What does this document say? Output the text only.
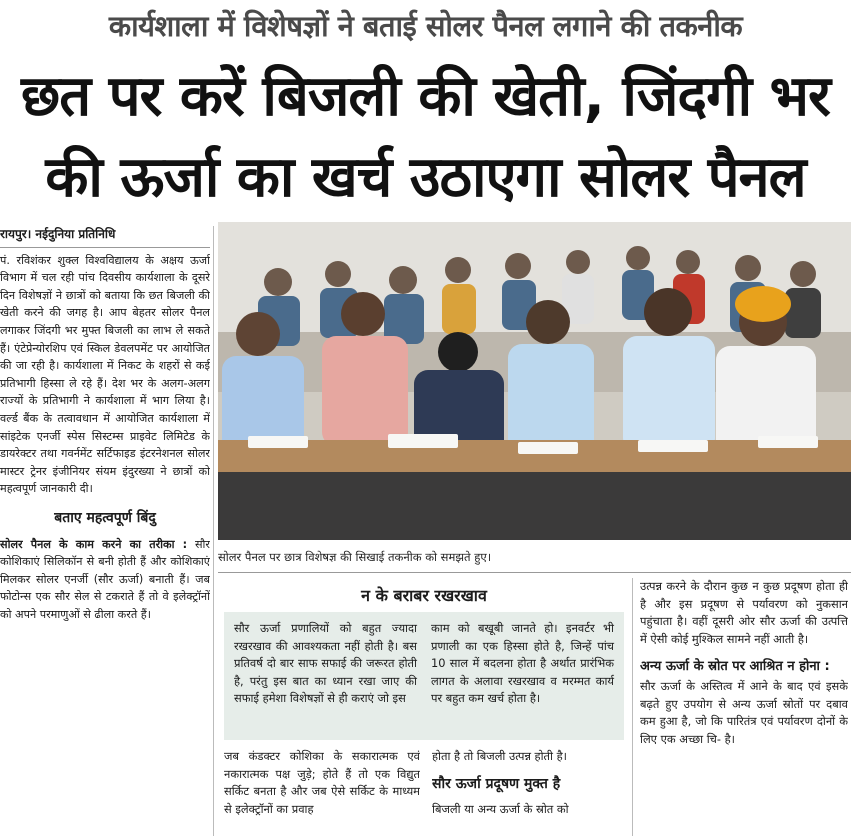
कार्यशाला में विशेषज्ञों ने बताई सोलर पैनल लगाने की तकनीक
छत पर करें बिजली की खेती, जिंदगी भर
की ऊर्जा का खर्च उठाएगा सोलर पैनल
रायपुर। नईदुनिया प्रतिनिधि

पं. रविशंकर शुक्ल विश्वविद्यालय के अक्षय ऊर्जा विभाग में चल रही पांच दिवसीय कार्यशाला के दूसरे दिन विशेषज्ञों ने छात्रों को बताया कि छत बिजली की खेती करने की जगह है। आप बेहतर सोलर पैनल लगाकर जिंदगी भर मुफ्त बिजली का लाभ ले सकते हैं। एंटेप्रेन्योरशिप एवं स्किल डेवलपमेंट पर आयोजित की जा रही है। कार्यशाला में निकट के शहरों से कई प्रतिभागी हिस्सा ले रहे हैं। देश भर के अलग-अलग राज्यों के प्रतिभागी ने कार्यशाला में भाग लिया है। वर्ल्ड बैंक के तत्वावधान में आयोजित कार्यशाला में सांइटेक एनर्जी स्पेस सिस्टम्स प्राइवेट लिमिटेड के डायरेक्टर तथा गवर्नमेंट सर्टिफाइड इंटरनेशनल सोलर मास्टर ट्रेनर इंजीनियर संयम इंदुरख्या ने छात्रों को महत्वपूर्ण जानकारी दी।

बताए महत्वपूर्ण बिंदु

सोलर पैनल के काम करने का तरीका : सौर कोशिकाएं सिलिकॉन से बनी होती हैं और कोशिकाएं मिलकर सोलर एनर्जी (सौर ऊर्जा) बनाती हैं। जब फोटोन्स एक सौर सेल से टकराते हैं तो वे इलेक्ट्रॉनों को अपने परमाणुओं से ढीला करते हैं।

सोलर पैनल पर छात्र विशेषज्ञ की सिखाई तकनीक को समझते हुए।
न के बराबर रखरखाव

सौर ऊर्जा प्रणालियों को बहुत ज्यादा रखरखाव की आवश्यकता नहीं होती है। बस प्रतिवर्ष दो बार साफ सफाई की जरूरत होती है, परंतु इस बात का ध्यान रखा जाए की सफाई हमेशा विशेषज्ञों से ही कराएं जो इस

काम को बखूबी जानते हो। इनवर्टर भी प्रणाली का एक हिस्सा होते है, जिन्हें पांच 10 साल में बदलना होता है अर्थात प्रारंभिक लागत के अलावा रखरखाव व मरम्मत कार्य पर बहुत कम खर्च होता है।

जब कंडक्टर कोशिका के सकारात्मक एवं नकारात्मक पक्ष जुड़े; होते हैं तो एक विद्युत सर्किट बनता है और जब ऐसे सर्किट के माध्यम से इलेक्ट्रॉनों का प्रवाह

होता है तो बिजली उत्पन्न होती है।

सौर ऊर्जा प्रदूषण मुक्त है

बिजली या अन्य ऊर्जा के स्रोत को

उत्पन्न करने के दौरान कुछ न कुछ प्रदूषण होता ही है और इस प्रदूषण से पर्यावरण को नुकसान पहुंचाता है। वहीं दूसरी ओर सौर ऊर्जा की उत्पत्ति में ऐसी कोई मुश्किल सामने नहीं आती है।

अन्य ऊर्जा के स्रोत पर आश्रित न होना :

सौर ऊर्जा के अस्तित्व में आने के बाद एवं इसके बढ़ते हुए उपयोग से अन्य ऊर्जा स्रोतों पर दबाव कम हुआ है, जो कि पारितंत्र एवं पर्यावरण दोनों के लिए एक अच्छा चि- है।
